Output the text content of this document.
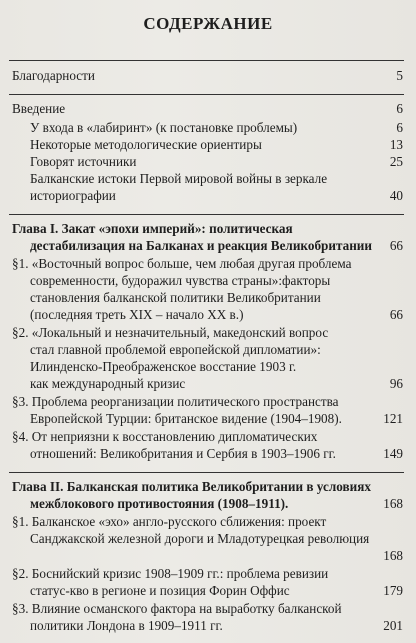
СОДЕРЖАНИЕ
Благодарности	5
Введение	6
У входа в «лабиринт» (к постановке проблемы)	6
Некоторые методологические ориентиры	13
Говорят источники	25
Балканские истоки Первой мировой войны в зеркале
историографии	40
Глава I. Закат «эпохи империй»: политическая
дестабилизация на Балканах и реакция Великобритании 66
§1. «Восточный вопрос больше, чем любая другая проблема
современности, будоражил чувства страны»:факторы
становления балканской политики Великобритании
(последняя треть XIX – начало XX в.)	66
§2. «Локальный и незначительный, македонский вопрос
стал главной проблемой европейской дипломатии»:
Илинденско-Преображенское восстание 1903 г.
как международный кризис	96
§3. Проблема реорганизации политического пространства
Европейской Турции: британское видение (1904–1908).	121
§4. От неприязни к восстановлению дипломатических
отношений: Великобритания и Сербия в 1903–1906 гг.	149
Глава II. Балканская политика Великобритании в условиях
межблокового противостояния (1908–1911).	168
§1. Балканское «эхо» англо-русского сближения: проект
Санджакской железной дороги и Младотурецкая революция
168
§2. Боснийский кризис 1908–1909 гг.: проблема ревизии
статус-кво в регионе и позиция Форин Оффис	179
§3. Влияние османского фактора на выработку балканской
политики Лондона в 1909–1911 гг.	201
